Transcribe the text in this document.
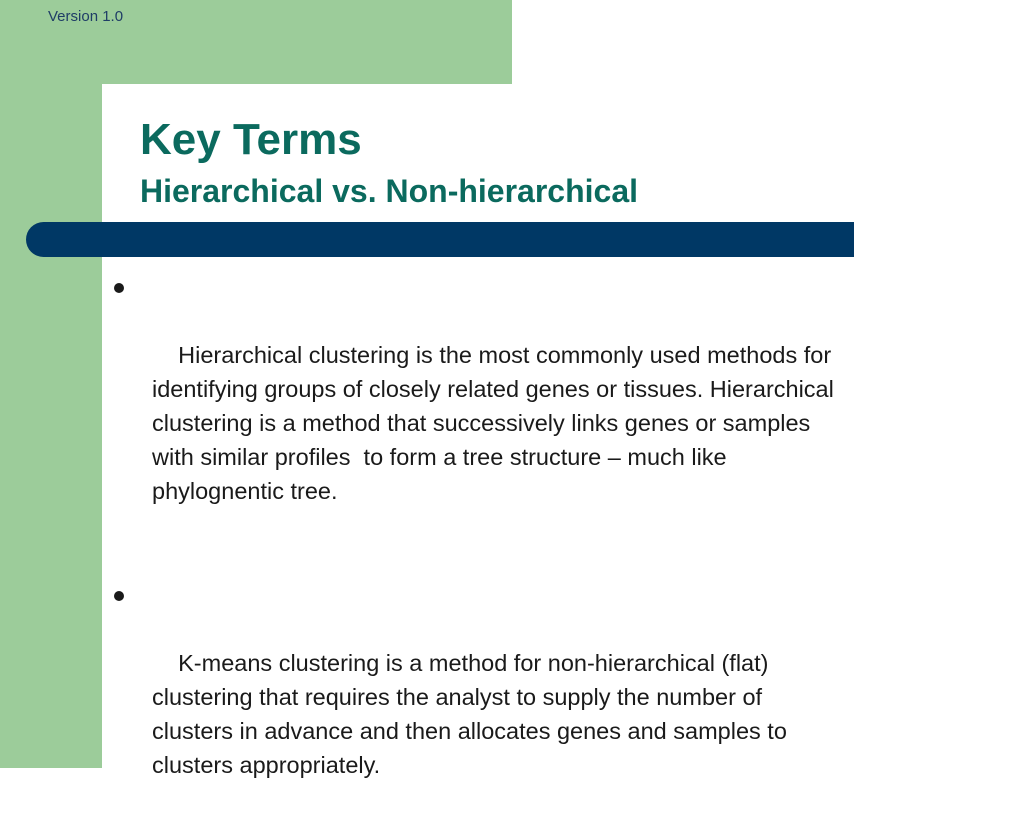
Version 1.0
Key Terms
Hierarchical vs. Non-hierarchical

Hierarchical clustering is the most commonly used methods for
identifying groups of closely related genes or tissues. Hierarchical
clustering is a method that successively links genes or samples
with similar profiles  to form a tree structure – much like
phylognentic tree.

K-means clustering is a method for non-hierarchical (flat)
clustering that requires the analyst to supply the number of
clusters in advance and then allocates genes and samples to
clusters appropriately.
